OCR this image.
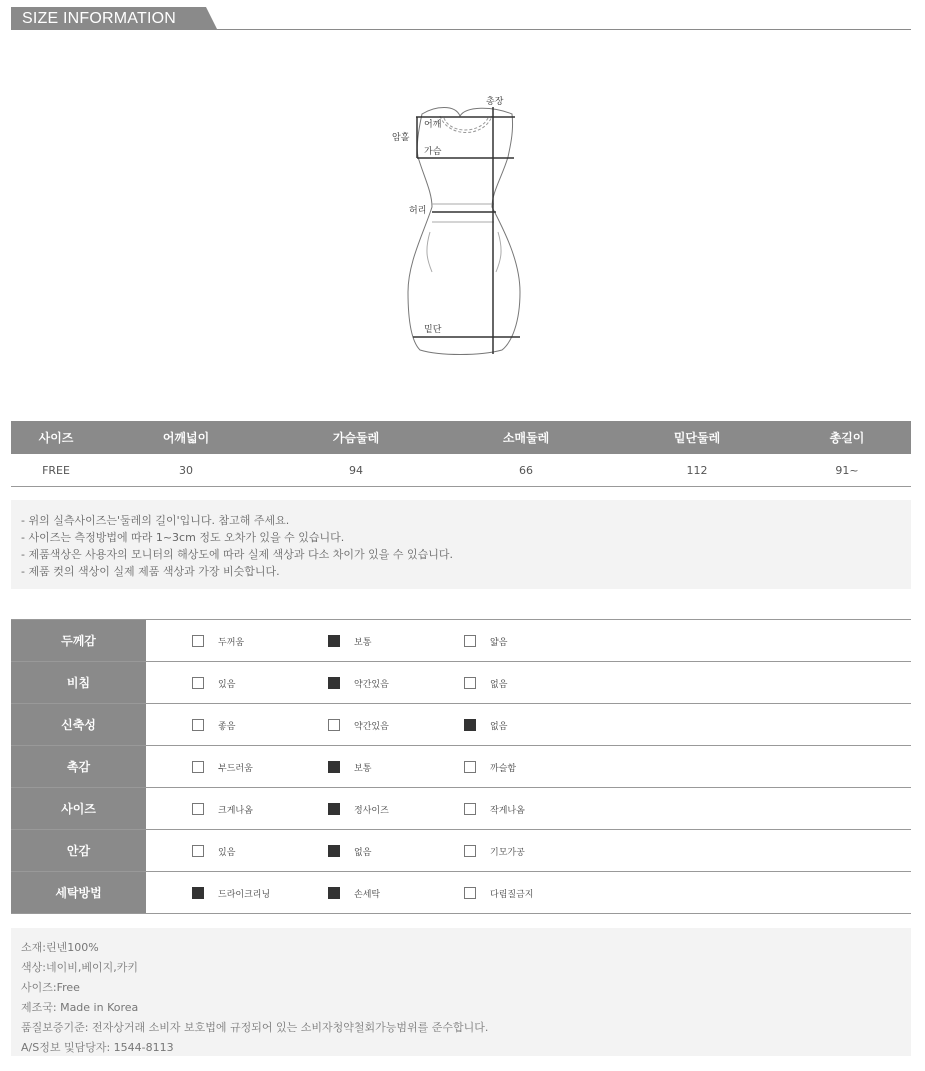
SIZE INFORMATION
총장
어깨
암홀
가슴
허리
밑단
사이즈	어깨넓이	가슴둘레	소매둘레	밑단둘레	총길이
FREE	30	94	66	112	91~

- 위의 실측사이즈는'둘레의 길이'입니다. 참고해 주세요.

- 사이즈는 측정방법에 따라 1~3cm 정도 오차가 있을 수 있습니다.

- 제품색상은 사용자의 모니터의 해상도에 따라 실제 색상과 다소 차이가 있을 수 있습니다.

- 제품 컷의 색상이 실제 제품 색상과 가장 비슷합니다.

두께감	두꺼움	보통	얇음
비침	있음	약간있음	없음
신축성	좋음	약간있음	없음
촉감	부드러움	보통	까슬함
사이즈	크게나옴	정사이즈	작게나옴
안감	있음	없음	기모가공
세탁방법	드라이크리닝	손세탁	다림질금지

소재:린넨100%

색상:네이비,베이지,카키

사이즈:Free

제조국: Made in Korea

품질보증기준: 전자상거래 소비자 보호법에 규정되어 있는 소비자청약철회가능범위를 준수합니다.

A/S정보 및담당자: 1544-8113
